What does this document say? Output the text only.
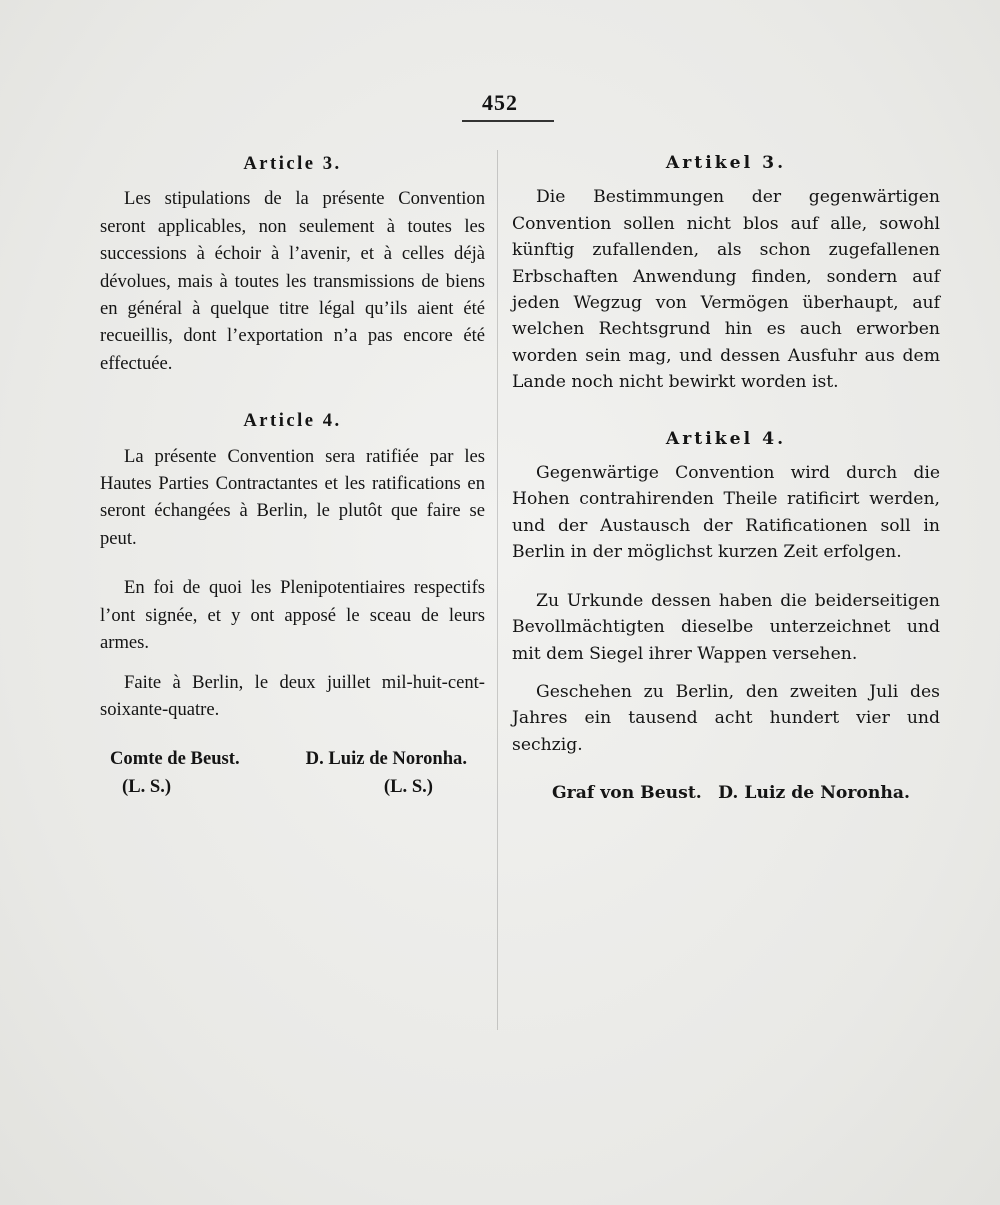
452
Article 3.

Les stipulations de la présente Convention seront applicables, non seulement à toutes les successions à échoir à l’avenir, et à celles déjà dévolues, mais à toutes les transmissions de biens en général à quelque titre légal qu’ils aient été recueillis, dont l’exportation n’a pas encore été effectuée.

Article 4.

La présente Convention sera ratifiée par les Hautes Parties Contractantes et les ratifications en seront échangées à Berlin, le plutôt que faire se peut.

En foi de quoi les Plenipotentiaires respectifs l’ont signée, et y ont apposé le sceau de leurs armes.

Faite à Berlin, le deux juillet mil-huit-cent-soixante-quatre.

Comte de Beust.	D. Luiz de Noronha.
(L. S.)	(L. S.)
Artikel 3.

Die Bestimmungen der gegenwärtigen Convention sollen nicht blos auf alle, sowohl künftig zufallenden, als schon zugefallenen Erbschaften Anwendung finden, sondern auf jeden Wegzug von Vermögen überhaupt, auf welchen Rechtsgrund hin es auch erworben worden sein mag, und dessen Ausfuhr aus dem Lande noch nicht bewirkt worden ist.

Artikel 4.

Gegenwärtige Convention wird durch die Hohen contrahirenden Theile ratificirt werden, und der Austausch der Ratificationen soll in Berlin in der möglichst kurzen Zeit erfolgen.

Zu Urkunde dessen haben die beiderseitigen Bevollmächtigten dieselbe unterzeichnet und mit dem Siegel ihrer Wappen versehen.

Geschehen zu Berlin, den zweiten Juli des Jahres ein tausend acht hundert vier und sechzig.

Graf von Beust. D. Luiz de Noronha.
